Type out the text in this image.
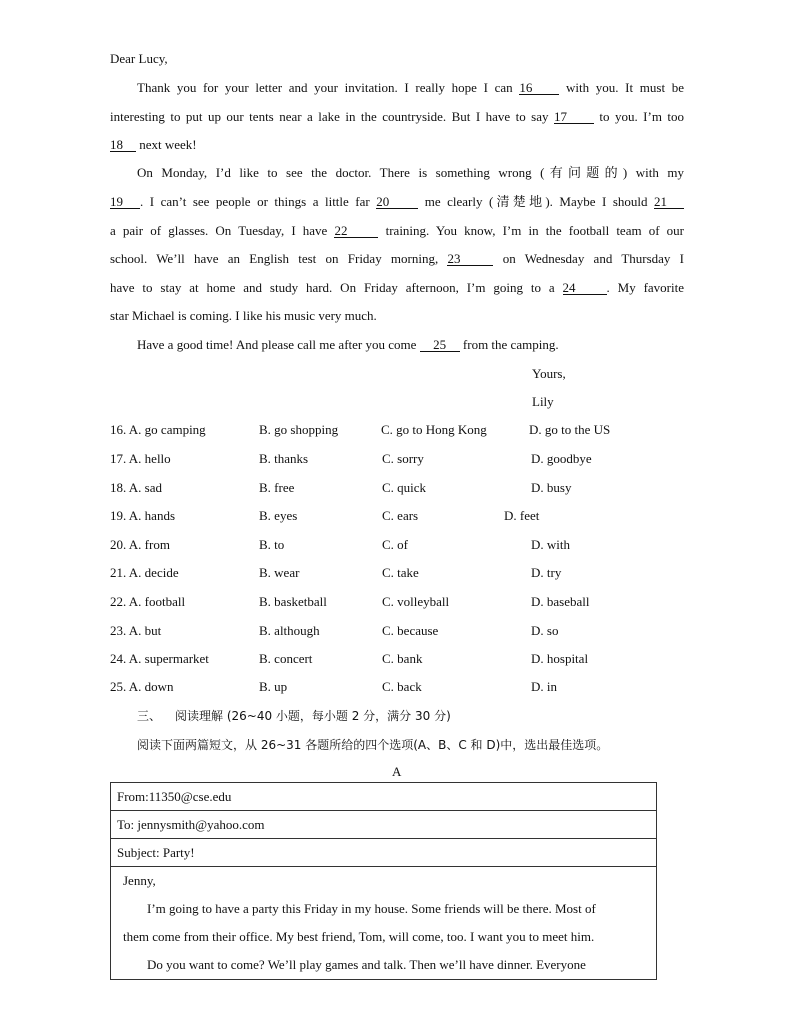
Dear Lucy,
Thank you for your letter and your invitation. I really hope I can 16 with you. It must be
interesting to put up our tents near a lake in the countryside. But I have to say 17 to you. I’m too
18 next week!
On Monday, I’d like to see the doctor. There is something wrong (有问题的) with my
19 . I can’t see people or things a little far 20 me clearly (清楚地). Maybe I should 21
a pair of glasses. On Tuesday, I have 22 training. You know, I’m in the football team of our
school. We’ll have an English test on Friday morning, 23	on Wednesday and Thursday I
have to stay at home and study hard. On Friday afternoon, I’m going to a 24 . My favorite
star Michael is coming. I like his music very much.
Have a good time! And please call me after you come 25 from the camping.
Yours,
Lily
16. A. go camping	B. go shopping	C. go to Hong Kong	D. go to the US
17. A. hello	B. thanks	C. sorry	D. goodbye
18. A. sad	B. free	C. quick	D. busy
19. A. hands	B. eyes	C. ears	D. feet
20. A. from	B. to	C. of	D. with
21. A. decide	B. wear	C. take	D. try
22. A. football	B. basketball	C. volleyball	D. baseball
23. A. but	B. although	C. because	D. so
24. A. supermarket	B. concert	C. bank	D. hospital
25. A. down	B. up	C. back	D. in
三、 阅读理解 (26~40 小题，每小题 2 分，满分 30 分)
阅读下面两篇短文，从 26~31 各题所给的四个选项(A、B、C 和 D)中，选出最佳选项。
A
From:11350@cse.edu
To: jennysmith@yahoo.com
Subject: Party!

Jenny,
I’m going to have a party this Friday in my house. Some friends will be there. Most of
them come from their office. My best friend, Tom, will come, too. I want you to meet him.
Do you want to come? We’ll play games and talk. Then we’ll have dinner. Everyone
